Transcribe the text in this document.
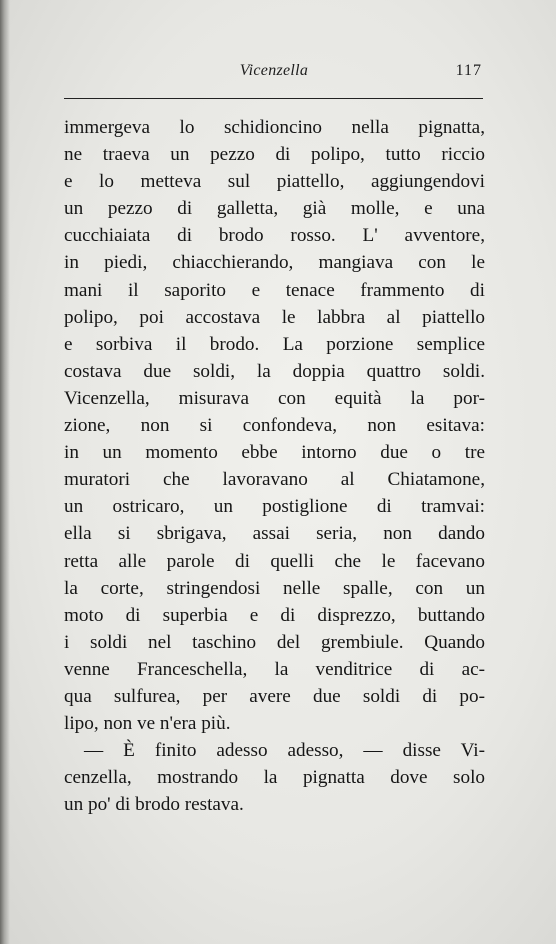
Vicenzella	117
immergeva lo schidioncino nella pignatta,
ne traeva un pezzo di polipo, tutto riccio
e lo metteva sul piattello, aggiungendovi
un pezzo di galletta, già molle, e una
cucchiaiata di brodo rosso. L' avventore,
in piedi, chiacchierando, mangiava con le
mani il saporito e tenace frammento di
polipo, poi accostava le labbra al piattello
e sorbiva il brodo. La porzione semplice
costava due soldi, la doppia quattro soldi.
Vicenzella, misurava con equità la por-
zione, non si confondeva, non esitava:
in un momento ebbe intorno due o tre
muratori che lavoravano al Chiatamone,
un ostricaro, un postiglione di tramvai:
ella si sbrigava, assai seria, non dando
retta alle parole di quelli che le facevano
la corte, stringendosi nelle spalle, con un
moto di superbia e di disprezzo, buttando
i soldi nel taschino del grembiule. Quando
venne Franceschella, la venditrice di ac-
qua sulfurea, per avere due soldi di po-
lipo, non ve n'era più.
— È finito adesso adesso, — disse Vi-
cenzella, mostrando la pignatta dove solo
un po' di brodo restava.
